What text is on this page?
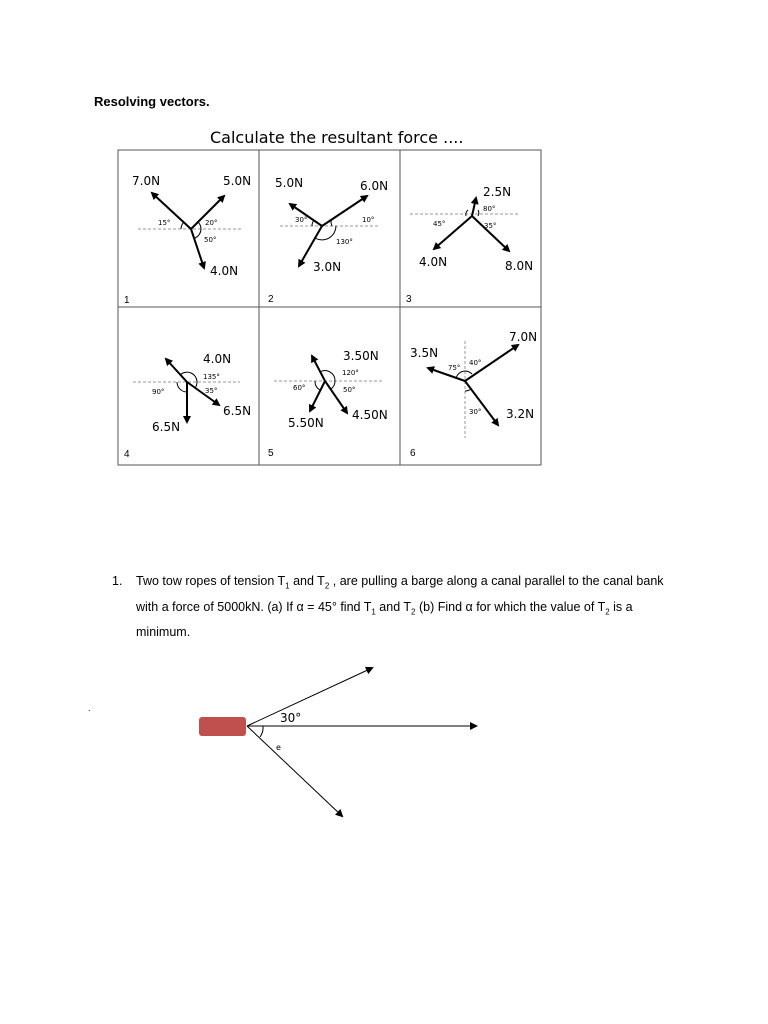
Resolving vectors.
Calculate the resultant force ....
7.0N	5.0N
4.0N
15°	20°
50°
1
5.0N	6.0N
3.0N
30°	10°
130°
2
2.5N
4.0N	8.0N
80°
45°	35°
3
4.0N
6.5N
6.5N
135°
90°	35°
4
3.50N
4.50N
5.50N
120°
60°	50°
5
3.5N
7.0N
3.2N
75°
40°
30°
6
.
30°
e
1. Two tow ropes of tension $T_1$ and $T_2$ , are pulling a barge along a canal parallel to the canal bank with a force of 5000kN. (a) If α = 45° find $T_1$ and $T_2$ (b) Find α for which the value of $T_2$ is a minimum.
